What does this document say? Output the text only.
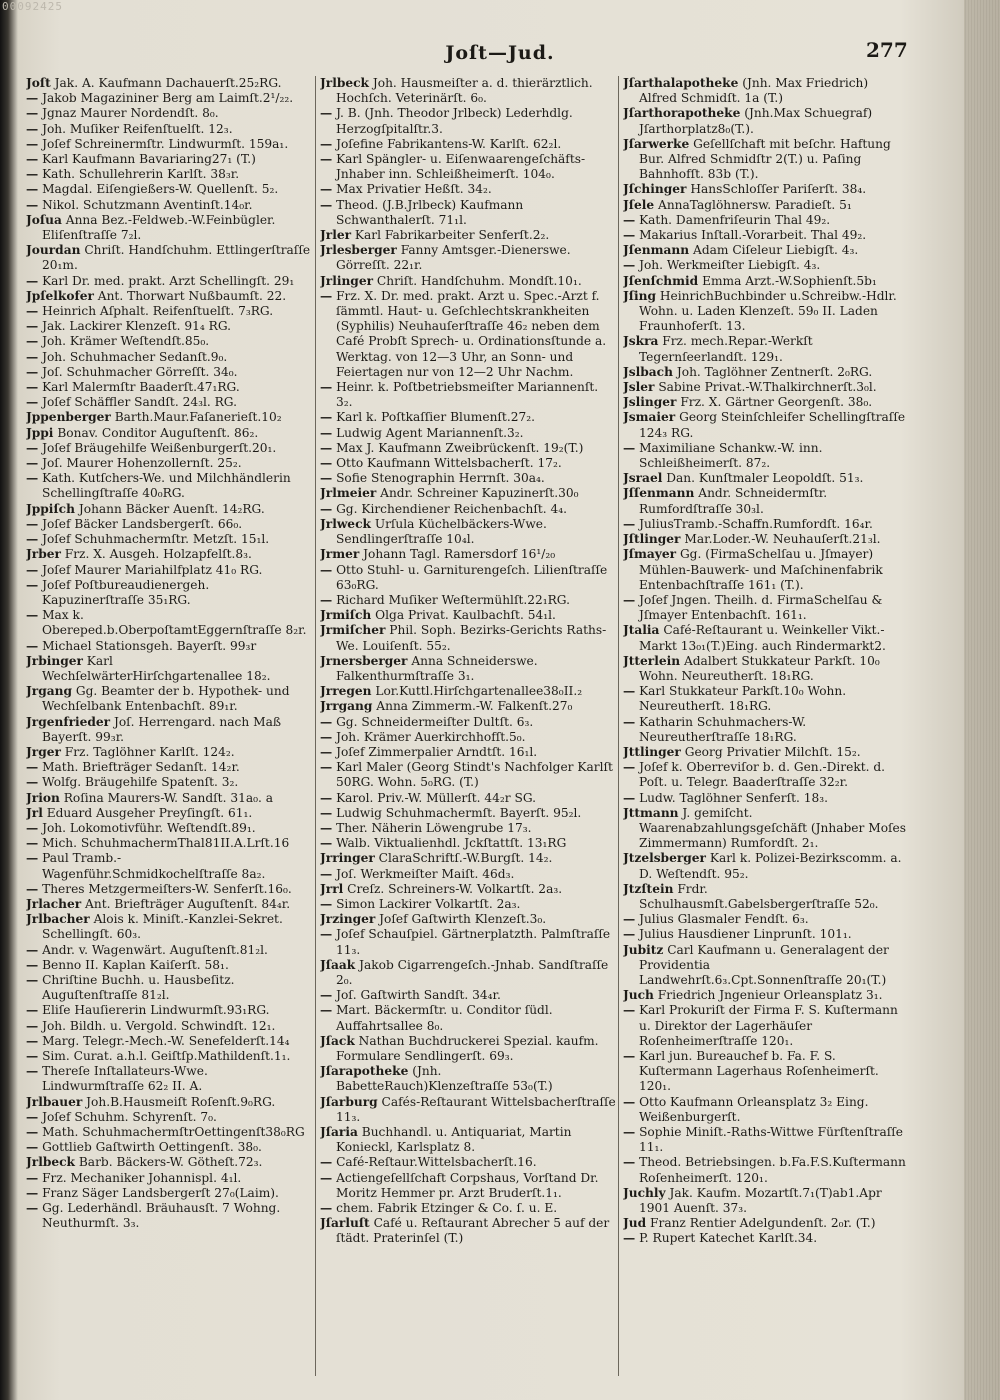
00092425
Joſt—Jud.	277

Joſt Jak. A. Kaufmann Dachauerſt.25₂RG.

— Jakob Magazininer Berg am Laimſt.2¹/₂₂.

— Jgnaz Maurer Nordendſt. 8₀.

— Joh. Muſiker Reifenſtuelſt. 12₃.

— Joſef Schreinermſtr. Lindwurmſt. 159a₁.

— Karl Kaufmann Bavariaring27₁ (T.)

— Kath. Schullehrerin Karlſt. 38₃r.

— Magdal. Eiſengießers-W. Quellenſt. 5₂.

— Nikol. Schutzmann Aventinſt.14₀r.

Joſua Anna Bez.-Feldweb.-W.Feinbügler. Eliſenſtraſſe 7₂l.

Jourdan Chriſt. Handſchuhm. Ettlingerſtraſſe 20₁m.

— Karl Dr. med. prakt. Arzt Schellingſt. 29₁

Jpſelkofer Ant. Thorwart Nußbaumſt. 22.

— Heinrich Aſphalt. Reifenſtuelſt. 7₃RG.

— Jak. Lackirer Klenzeſt. 91₄ RG.

— Joh. Krämer Weſtendſt.85₀.

— Joh. Schuhmacher Sedanſt.9₀.

— Joſ. Schuhmacher Görreſſt. 34₀.

— Karl Malermſtr Baaderſt.47₁RG.

— Joſef Schäffler Sandſt. 24₃l. RG.

Jppenberger Barth.Maur.Faſanerieſt.10₂

Jppi Bonav. Conditor Auguſtenſt. 86₂.

— Joſef Bräugehilfe Weißenburgerſt.20₁.

— Joſ. Maurer Hohenzollernſt. 25₂.

— Kath. Kutſchers-We. und Milchhändlerin Schellingſtraſſe 40₀RG.

Jppiſch Johann Bäcker Auenſt. 14₂RG.

— Joſef Bäcker Landsbergerſt. 66₀.

— Joſef Schuhmachermſtr. Metzſt. 15₁l.

Jrber Frz. X. Ausgeh. Holzapfelſt.8₃.

— Joſef Maurer Mariahilfplatz 41₀ RG.

— Joſef Poſtbureaudienergeh. Kapuzinerſtraſſe 35₁RG.

— Max k. Obereped.b.OberpoſtamtEggernſtraſſe 8₂r.

— Michael Stationsgeh. Bayerſt. 99₃r

Jrbinger Karl WechſelwärterHirſchgartenallee 18₂.

Jrgang Gg. Beamter der b. Hypothek- und Wechſelbank Entenbachſt. 89₁r.

Jrgenfrieder Joſ. Herrengard. nach Maß Bayerſt. 99₃r.

Jrger Frz. Taglöhner Karlſt. 124₂.

— Math. Briefträger Sedanſt. 14₂r.

— Wolfg. Bräugehilfe Spatenſt. 3₂.

Jrion Roſina Maurers-W. Sandſt. 31a₀. a

Jrl Eduard Ausgeher Preyſingſt. 61₁.

— Joh. Lokomotivführ. Weſtendſt.89₁.

— Mich. SchuhmachermThal81II.A.Lrſt.16

— Paul Tramb.-Wagenführ.Schmidkochelſtraſſe 8a₂.

— Theres Metzgermeiſters-W. Senferſt.16₀.

Jrlacher Ant. Briefträger Auguſtenſt. 84₄r.

Jrlbacher Alois k. Miniſt.-Kanzlei-Sekret. Schellingſt. 60₃.

— Andr. v. Wagenwärt. Auguſtenſt.81₂l.

— Benno II. Kaplan Kaiſerſt. 58₁.

— Chriſtine Buchh. u. Hausbeſitz. Auguſtenſtraſſe 81₂l.

— Eliſe Hauſiererin Lindwurmſt.93₁RG.

— Joh. Bildh. u. Vergold. Schwindſt. 12₁.

— Marg. Telegr.-Mech.-W. Senefelderſt.14₄

— Sim. Curat. a.h.l. Geiſtſp.Mathildenſt.1₁.

— Thereſe Inſtallateurs-Wwe. Lindwurmſtraſſe 62₂ II. A.

Jrlbauer Joh.B.Hausmeiſt Roſenſt.9₀RG.

— Joſef Schuhm. Schyrenſt. 7₀.

— Math. SchuhmachermſtrOettingenſt38₀RG

— Gottlieb Gaſtwirth Oettingenſt. 38₀.

Jrlbeck Barb. Bäckers-W. Götheſt.72₃.

— Frz. Mechaniker Johannispl. 4₁l.

— Franz Säger Landsbergerſt 27₀(Laim).

— Gg. Lederhändl. Bräuhausſt. 7 Wohng. Neuthurmſt. 3₃.

Jrlbeck Joh. Hausmeiſter a. d. thierärztlich. Hochſch. Veterinärſt. 6₀.

— J. B. (Jnh. Theodor Jrlbeck) Lederhdlg. Herzogſpitalſtr.3.

— Joſefine Fabrikantens-W. Karlſt. 62₂l.

— Karl Spängler- u. Eiſenwaarengeſchäfts-Jnhaber inn. Schleißheimerſt. 104₀.

— Max Privatier Heßſt. 34₂.

— Theod. (J.B.Jrlbeck) Kaufmann Schwanthalerſt. 71₁l.

Jrler Karl Fabrikarbeiter Senferſt.2₂.

Jrlesberger Fanny Amtsger.-Dienerswe. Görreſſt. 22₁r.

Jrlinger Chriſt. Handſchuhm. Mondſt.10₁.

— Frz. X. Dr. med. prakt. Arzt u. Spec.-Arzt f. ſämmtl. Haut- u. Geſchlechtskrankheiten (Syphilis) Neuhauſerſtraſſe 46₂ neben dem Café Probſt Sprech- u. Ordinationsſtunde a. Werktag. von 12—3 Uhr, an Sonn- und Feiertagen nur von 12—2 Uhr Nachm.

— Heinr. k. Poſtbetriebsmeiſter Mariannenſt. 3₂.

— Karl k. Poſtkaſſier Blumenſt.27₂.

— Ludwig Agent Mariannenſt.3₂.

— Max J. Kaufmann Zweibrückenſt. 19₂(T.)

— Otto Kaufmann Wittelsbacherſt. 17₂.

— Sofie Stenographin Herrnſt. 30a₄.

Jrlmeier Andr. Schreiner Kapuzinerſt.30₀

— Gg. Kirchendiener Reichenbachſt. 4₄.

Jrlweck Urſula Küchelbäckers-Wwe. Sendlingerſtraſſe 10₄l.

Jrmer Johann Tagl. Ramersdorf 16¹/₂₀

— Otto Stuhl- u. Garniturengeſch. Lilienſtraſſe 63₀RG.

— Richard Muſiker Weſtermühlſt.22₁RG.

Jrmiſch Olga Privat. Kaulbachſt. 54₁l.

Jrmiſcher Phil. Soph. Bezirks-Gerichts Raths-We. Louiſenſt. 55₂.

Jrnersberger Anna Schneiderswe. Falkenthurmſtraſſe 3₁.

Jrregen Lor.Kuttl.Hirſchgartenallee38₀II.₂

Jrrgang Anna Zimmerm.-W. Falkenſt.27₀

— Gg. Schneidermeiſter Dultſt. 6₃.

— Joh. Krämer Auerkirchhofſt.5₀.

— Joſef Zimmerpalier Arndtſt. 16₁l.

— Karl Maler (Georg Stindt's Nachfolger Karlſt 50RG. Wohn. 5₀RG. (T.)

— Karol. Priv.-W. Müllerſt. 44₂r SG.

— Ludwig Schuhmachermſt. Bayerſt. 95₂l.

— Ther. Näherin Löwengrube 17₃.

— Walb. Viktualienhdl. Jckſtattſt. 13₁RG

Jrringer ClaraSchriftſ.-W.Burgſt. 14₂.

— Joſ. Werkmeiſter Maiſt. 46d₃.

Jrrl Creſz. Schreiners-W. Volkartſt. 2a₃.

— Simon Lackirer Volkartſt. 2a₃.

Jrzinger Joſef Gaſtwirth Klenzeſt.3₀.

— Joſef Schauſpiel. Gärtnerplatzth. Palmſtraſſe 11₃.

Jſaak Jakob Cigarrengeſch.-Jnhab. Sandſtraſſe 2₀.

— Joſ. Gaſtwirth Sandſt. 34₄r.

— Mart. Bäckermſtr. u. Conditor ſüdl. Auffahrtsallee 8₀.

Jſack Nathan Buchdruckerei Spezial. kaufm. Formulare Sendlingerſt. 69₃.

Jſarapotheke (Jnh. BabetteRauch)Klenzeſtraſſe 53₀(T.)

Jſarburg Cafés-Reſtaurant Wittelsbacherſtraſſe 11₃.

Jſaria Buchhandl. u. Antiquariat, Martin Konieckl, Karlsplatz 8.

— Café-Reſtaur.Wittelsbacherſt.16.

— Actiengeſellſchaft Corpshaus, Vorſtand Dr. Moritz Hemmer pr. Arzt Bruderſt.1₁.

— chem. Fabrik Etzinger & Co. ſ. u. E.

Jſarluſt Café u. Reſtaurant Abrecher 5 auf der ſtädt. Praterinſel (T.)

Jſarthalapotheke (Jnh. Max Friedrich) Alfred Schmidſt. 1a (T.)

Jſarthorapotheke (Jnh.Max Schuegraf) Jſarthorplatz8₀(T.).

Jſarwerke Geſellſchaft mit beſchr. Haftung Bur. Alfred Schmidſtr 2(T.) u. Paſing Bahnhofſt. 83b (T.).

Jſchinger HansSchloſſer Pariſerſt. 38₄.

Jſele AnnaTaglöhnersw. Paradieſt. 5₁

— Kath. Damenfriſeurin Thal 49₂.

— Makarius Inſtall.-Vorarbeit. Thal 49₂.

Jſenmann Adam Ciſeleur Liebigſt. 4₃.

— Joh. Werkmeiſter Liebigſt. 4₃.

Jſenſchmid Emma Arzt.-W.Sophienſt.5b₁

Jſing HeinrichBuchbinder u.Schreibw.-Hdlr. Wohn. u. Laden Klenzeſt. 59₀ II. Laden Fraunhoferſt. 13.

Jskra Frz. mech.Repar.-Werkſt Tegernſeerlandſt. 129₁.

Jslbach Joh. Taglöhner Zentnerſt. 2₀RG.

Jsler Sabine Privat.-W.Thalkirchnerſt.3₀l.

Jslinger Frz. X. Gärtner Georgenſt. 38₀.

Jsmaier Georg Steinſchleifer Schellingſtraſſe 124₃ RG.

— Maximiliane Schankw.-W. inn. Schleißheimerſt. 87₂.

Jsrael Dan. Kunſtmaler Leopoldſt. 51₃.

Jſſenmann Andr. Schneidermſtr. Rumfordſtraſſe 30₃l.

— JuliusTramb.-Schaffn.Rumfordſt. 16₄r.

Jſtlinger Mar.Loder.-W. Neuhauſerſt.21₃l.

Jſmayer Gg. (FirmaSchelſau u. Jſmayer) Mühlen-Bauwerk- und Maſchinenfabrik Entenbachſtraſſe 161₁ (T.).

— Joſef Jngen. Theilh. d. FirmaSchelſau & Jſmayer Entenbachſt. 161₁.

Jtalia Café-Reſtaurant u. Weinkeller Vikt.-Markt 13₀₁(T.)Eing. auch Rindermarkt2.

Jtterlein Adalbert Stukkateur Parkſt. 10₀ Wohn. Neureutherſt. 18₁RG.

— Karl Stukkateur Parkſt.10₀ Wohn. Neureutherſt. 18₁RG.

— Katharin Schuhmachers-W. Neureutherſtraſſe 18₁RG.

Jttlinger Georg Privatier Milchſt. 15₂.

— Joſef k. Oberreviſor b. d. Gen.-Direkt. d. Poſt. u. Telegr. Baaderſtraſſe 32₂r.

— Ludw. Taglöhner Senferſt. 18₃.

Jttmann J. gemiſcht. Waarenabzahlungsgeſchäft (Jnhaber Moſes Zimmermann) Rumfordſt. 2₁.

Jtzelsberger Karl k. Polizei-Bezirkscomm. a. D. Weſtendſt. 95₂.

Jtzſtein Frdr. Schulhausmſt.Gabelsbergerſtraſſe 52₀.

— Julius Glasmaler Fendſt. 6₃.

— Julius Hausdiener Linprunſt. 101₁.

Jubitz Carl Kaufmann u. Generalagent der Providentia Landwehrſt.6₃.Cpt.Sonnenſtraſſe 20₁(T.)

Juch Friedrich Jngenieur Orleansplatz 3₁.

— Karl Prokuriſt der Firma F. S. Kuſtermann u. Direktor der Lagerhäuſer Roſenheimerſtraſſe 120₁.

— Karl jun. Bureauchef b. Fa. F. S. Kuſtermann Lagerhaus Roſenheimerſt. 120₁.

— Otto Kaufmann Orleansplatz 3₂ Eing. Weißenburgerſt.

— Sophie Miniſt.-Raths-Wittwe Fürſtenſtraſſe 11₁.

— Theod. Betriebsingen. b.Fa.F.S.Kuſtermann Roſenheimerſt. 120₁.

Juchly Jak. Kaufm. Mozartſt.7₁(T)ab1.Apr 1901 Auenſt. 37₃.

Jud Franz Rentier Adelgundenſt. 2₀r. (T.)

— P. Rupert Katechet Karlſt.34.
